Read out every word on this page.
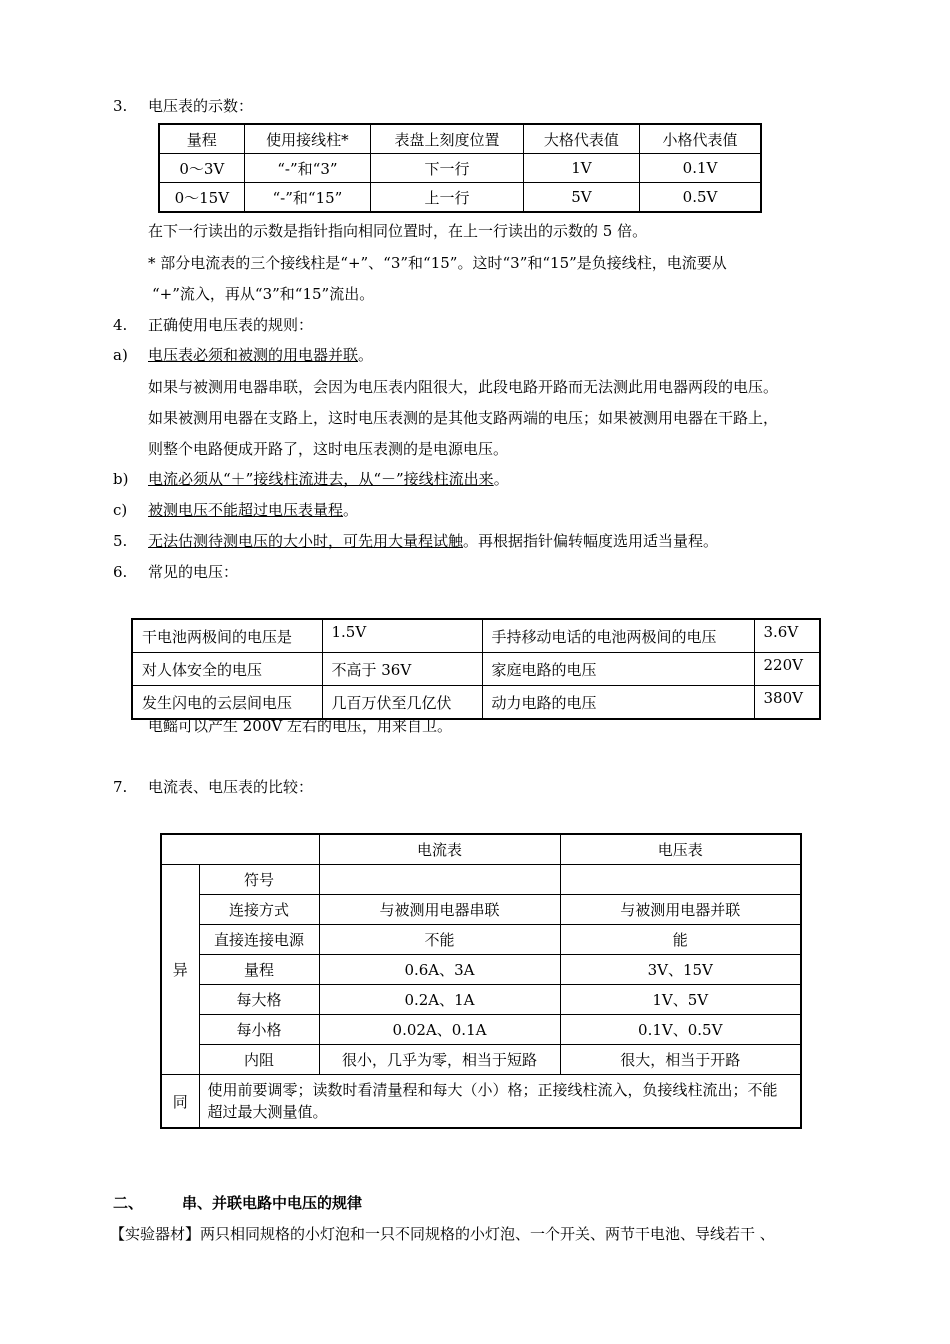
3. 电压表的示数：
量程	使用接线柱*	表盘上刻度位置	大格代表值	小格代表值
0～3V	“-”和“3”	下一行	1V	0.1V
0～15V	“-”和“15”	上一行	5V	0.5V
在下一行读出的示数是指针指向相同位置时，在上一行读出的示数的 5 倍。
* 部分电流表的三个接线柱是“+”、“3”和“15”。这时“3”和“15”是负接线柱，电流要从
“+”流入，再从“3”和“15”流出。
4. 正确使用电压表的规则：
a) 电压表必须和被测的用电器并联。
如果与被测用电器串联，会因为电压表内阻很大，此段电路开路而无法测此用电器两段的电压。
如果被测用电器在支路上，这时电压表测的是其他支路两端的电压；如果被测用电器在干路上，
则整个电路便成开路了，这时电压表测的是电源电压。
b) 电流必须从“＋”接线柱流进去，从“－”接线柱流出来。
c) 被测电压不能超过电压表量程。
5. 无法估测待测电压的大小时，可先用大量程试触。再根据指针偏转幅度选用适当量程。
6. 常见的电压：
干电池两极间的电压是	1.5V	手持移动电话的电池两极间的电压	3.6V
对人体安全的电压	不高于 36V	家庭电路的电压	220V
发生闪电的云层间电压	几百万伏至几亿伏	动力电路的电压	380V
电鳐可以产生 200V 左右的电压，用来自卫。
7. 电流表、电压表的比较：
		电流表	电压表
异	符号		
	连接方式	与被测用电器串联	与被测用电器并联
	直接连接电源	不能	能
	量程	0.6A、3A	3V、15V
	每大格	0.2A、1A	1V、5V
	每小格	0.02A、0.1A	0.1V、0.5V
	内阻	很小，几乎为零，相当于短路	很大，相当于开路
同	使用前要调零；读数时看清量程和每大（小）格；正接线柱流入，负接线柱流出；不能超过最大测量值。		
二、	串、并联电路中电压的规律
【实验器材】两只相同规格的小灯泡和一只不同规格的小灯泡、一个开关、两节干电池、导线若干 、
